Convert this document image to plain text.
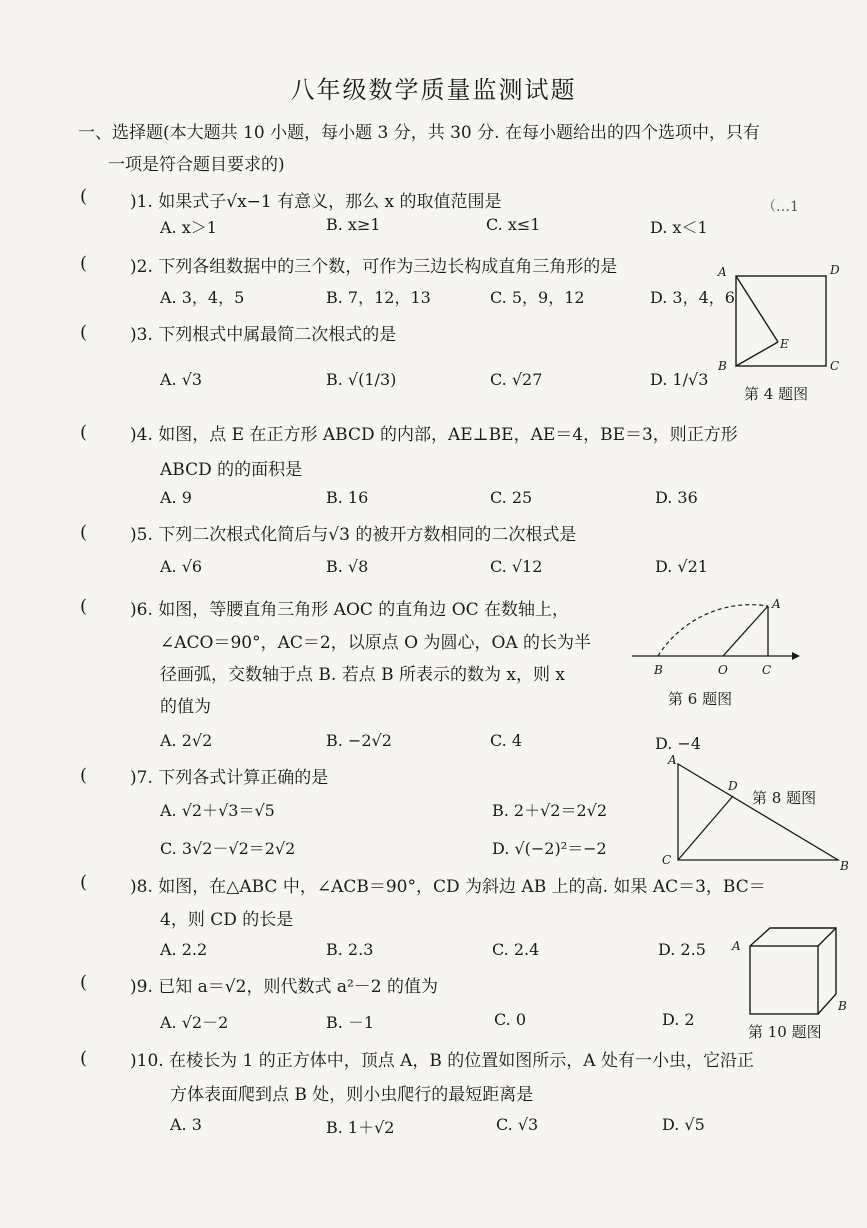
八年级数学质量监测试题
一、选择题(本大题共 10 小题，每小题 3 分，共 30 分. 在每小题给出的四个选项中，只有
一项是符合题目要求的)
（…1
(	)1. 如果式子√x−1 有意义，那么 x 的取值范围是
A. x＞1	B. x≥1	C. x≤1	D. x＜1
(	)2. 下列各组数据中的三个数，可作为三边长构成直角三角形的是
A. 3，4，5	B. 7，12，13	C. 5，9，12	D. 3，4，6
(	)3. 下列根式中属最简二次根式的是
A. √3	B. √(1/3)	C. √27	D. 1/√3
A	D
E
B	C
第 4 题图
(	)4. 如图，点 E 在正方形 ABCD 的内部，AE⊥BE，AE＝4，BE＝3，则正方形
ABCD 的的面积是
A. 9	B. 16	C. 25	D. 36
(	)5. 下列二次根式化简后与√3 的被开方数相同的二次根式是
A. √6	B. √8	C. √12	D. √21
(	)6. 如图，等腰直角三角形 AOC 的直角边 OC 在数轴上，
∠ACO＝90°，AC＝2，以原点 O 为圆心，OA 的长为半
径画弧，交数轴于点 B. 若点 B 所表示的数为 x，则 x
的值为
A. 2√2	B. −2√2	C. 4	D. −4
A
B	O	C
第 6 题图
(	)7. 下列各式计算正确的是
A. √2＋√3＝√5	B. 2＋√2＝2√2
C. 3√2－√2＝2√2	D. √(−2)²＝−2
A
D
C	B
第 8 题图
(	)8. 如图，在△ABC 中，∠ACB＝90°，CD 为斜边 AB 上的高. 如果 AC＝3，BC＝
4，则 CD 的长是
A. 2.2	B. 2.3	C. 2.4	D. 2.5 A
B
第 10 题图
(	)9. 已知 a＝√2，则代数式 a²－2 的值为
A. √2－2	B. －1	C. 0	D. 2
(	)10. 在棱长为 1 的正方体中，顶点 A，B 的位置如图所示，A 处有一小虫，它沿正
方体表面爬到点 B 处，则小虫爬行的最短距离是
A. 3	B. 1＋√2	C. √3	D. √5
